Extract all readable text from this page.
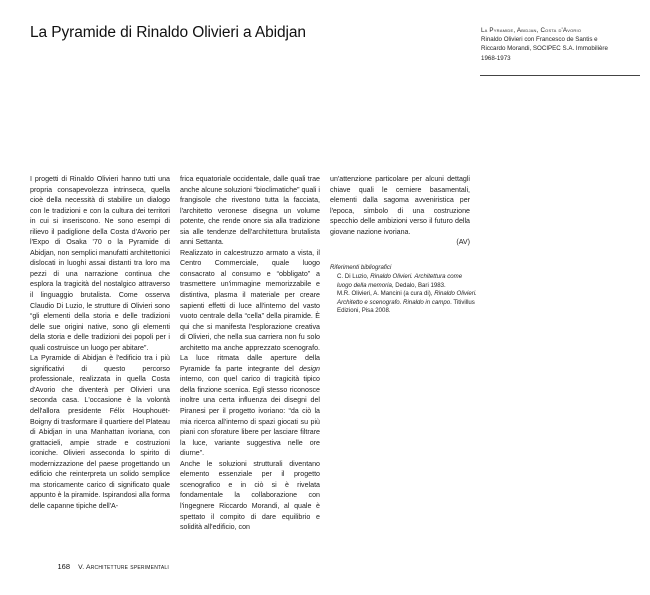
La Pyramide di Rinaldo Olivieri a Abidjan	La Pyramide, Abidjan, Costa d'Avorio
Rinaldo Olivieri con Francesco de Santis e
Riccardo Morandi, SOCIPEC S.A. Immobilière
1968-1973

I progetti di Rinaldo Olivieri hanno tutti una propria consapevolezza intrinseca, quella cioè della necessità di stabilire un dialogo con le tradizioni e con la cultura dei territori in cui si inseriscono. Ne sono esempi di rilievo il padiglione della Costa d'Avorio per l'Expo di Osaka '70 o la Pyramide di Abidjan, non semplici manufatti architettonici dislocati in luoghi assai distanti tra loro ma pezzi di una narrazione continua che esplora la tragicità del nostalgico attraverso il linguaggio brutalista. Come osserva Claudio Di Luzio, le strutture di Olivieri sono “gli elementi della storia e delle tradizioni delle sue origini native, sono gli elementi della storia e delle tradizioni dei popoli per i quali costruisce un luogo per abitare”.

La Pyramide di Abidjan è l'edificio tra i più significativi di questo percorso professionale, realizzata in quella Costa d'Avorio che diventerà per Olivieri una seconda casa. L'occasione è la volontà dell'allora presidente Félix Houphouët-Boigny di trasformare il quartiere del Plateau di Abidjan in una Manhattan ivoriana, con grattacieli, ampie strade e costruzioni iconiche. Olivieri asseconda lo spirito di modernizzazione del paese progettando un edificio che reinterpreta un solido semplice ma storicamente carico di significato quale appunto è la piramide. Ispirandosi alla forma delle capanne tipiche dell'A-

frica equatoriale occidentale, dalle quali trae anche alcune soluzioni “bioclimatiche” quali i frangisole che rivestono tutta la facciata, l'architetto veronese disegna un volume potente, che rende onore sia alla tradizione sia alle tendenze dell'architettura brutalista anni Settanta.

Realizzato in calcestruzzo armato a vista, il Centro Commerciale, quale luogo consacrato al consumo e “obbligato” a trasmettere un'immagine memorizzabile e distintiva, plasma il materiale per creare sapienti effetti di luce all'interno del vasto vuoto centrale della “cella” della piramide. È qui che si manifesta l'esplorazione creativa di Olivieri, che nella sua carriera non fu solo architetto ma anche apprezzato scenografo. La luce ritmata dalle aperture della Pyramide fa parte integrante del design interno, con quel carico di tragicità tipico della finzione scenica. Egli stesso riconosce inoltre una certa influenza dei disegni del Piranesi per il progetto ivoriano: “da ciò la mia ricerca all'interno di spazi giocati su più piani con sforature libere per lasciare filtrare la luce, variante suggestiva nelle ore diurne”.

Anche le soluzioni strutturali diventano elemento essenziale per il progetto scenografico e in ciò si è rivelata fondamentale la collaborazione con l'ingegnere Riccardo Morandi, al quale è spettato il compito di dare equilibrio e solidità all'edificio, con

un'attenzione particolare per alcuni dettagli chiave quali le cerniere basamentali, elementi dalla sagoma avveniristica per l'epoca, simbolo di una costruzione specchio delle ambizioni verso il futuro della giovane nazione ivoriana.

(AV)
Riferimenti bibliografici
C. Di Luzio, Rinaldo Olivieri. Architettura come luogo della memoria, Dedalo, Bari 1983.
M.R. Olivieri, A. Mancini (a cura di), Rinaldo Olivieri. Architetto e scenografo. Rinaldo in campo. Titivillus Edizioni, Pisa 2008.
168 V. Architetture sperimentali
